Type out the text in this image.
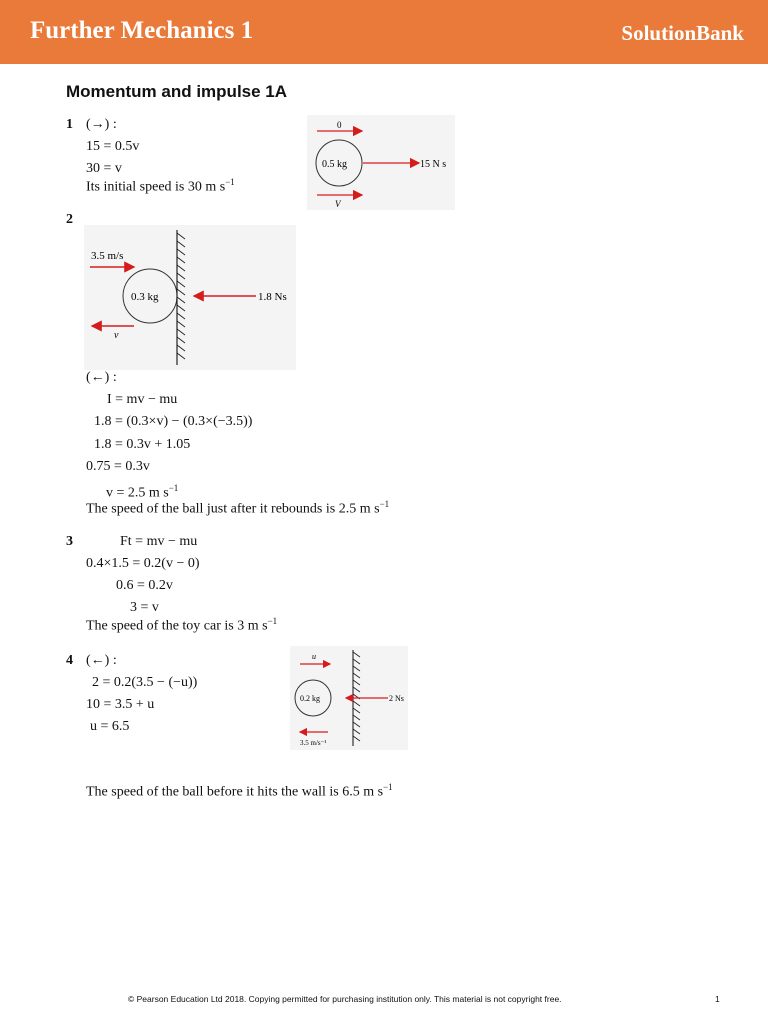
Further Mechanics 1	SolutionBank
Momentum and impulse 1A
1 (→) :
15 = 0.5v
30 = v
Its initial speed is 30 m $s^{-1}$
0
0.5 kg	15 N s
V
2
3.5 m/s
0.3 kg	1.8 Ns
v
(←) :
I = mv − mu
1.8 = (0.3×v) − (0.3×(−3.5))
1.8 = 0.3v + 1.05
0.75 = 0.3v
v = 2.5 m $s^{-1}$
The speed of the ball just after it rebounds is 2.5 m $s^{-1}$
3	Ft = mv − mu
0.4×1.5 = 0.2(v − 0)
0.6 = 0.2v
3 = v
The speed of the toy car is 3 m $s^{-1}$
4 (←) :
2 = 0.2(3.5 − (−u))
10 = 3.5 + u
u = 6.5
u
0.2 kg	2 Ns
3.5 m/s⁻¹
The speed of the ball before it hits the wall is 6.5 m $s^{-1}$
© Pearson Education Ltd 2018. Copying permitted for purchasing institution only. This material is not copyright free.	1
